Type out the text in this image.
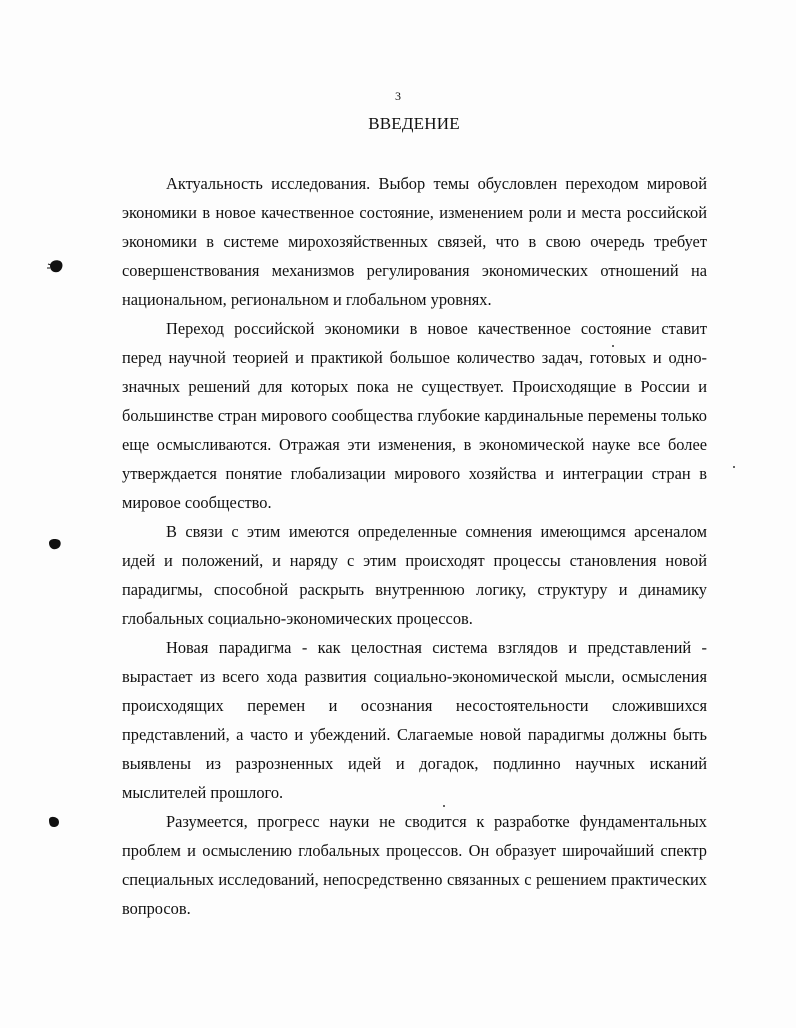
3
ВВЕДЕНИЕ

Актуальность исследования. Выбор темы обусловлен переходом мировой экономики в новое качественное состояние, изменением роли и места российской экономики в системе мирохозяйственных связей, что в свою очередь требует совершенствования механизмов регулирования экономических отношений на национальном, региональном и глобальном уровнях.

Переход российской экономики в новое качественное состояние ставит перед научной теорией и практикой большое количество задач, готовых и однозначных решений для которых пока не существует. Происходящие в России и большинстве стран мирового сообщества глубокие кардинальные перемены только еще осмысливаются. Отражая эти изменения, в экономической науке все более утверждается понятие глобализации мирового хозяйства и интеграции стран в мировое сообщество.

В связи с этим имеются определенные сомнения имеющимся арсеналом идей и положений, и наряду с этим происходят процессы становления новой парадигмы, способной раскрыть внутреннюю логику, структуру и динамику глобальных социально-экономических процессов.

Новая парадигма - как целостная система взглядов и представлений - вырастает из всего хода развития социально-экономической мысли, осмысления происходящих перемен и осознания несостоятельности сложившихся представлений, а часто и убеждений. Слагаемые новой парадигмы должны быть выявлены из разрозненных идей и догадок, подлинно научных исканий мыслителей прошлого.

Разумеется, прогресс науки не сводится к разработке фундаментальных проблем и осмыслению глобальных процессов. Он образует широчайший спектр специальных исследований, непосредственно связанных с решением практических вопросов.
